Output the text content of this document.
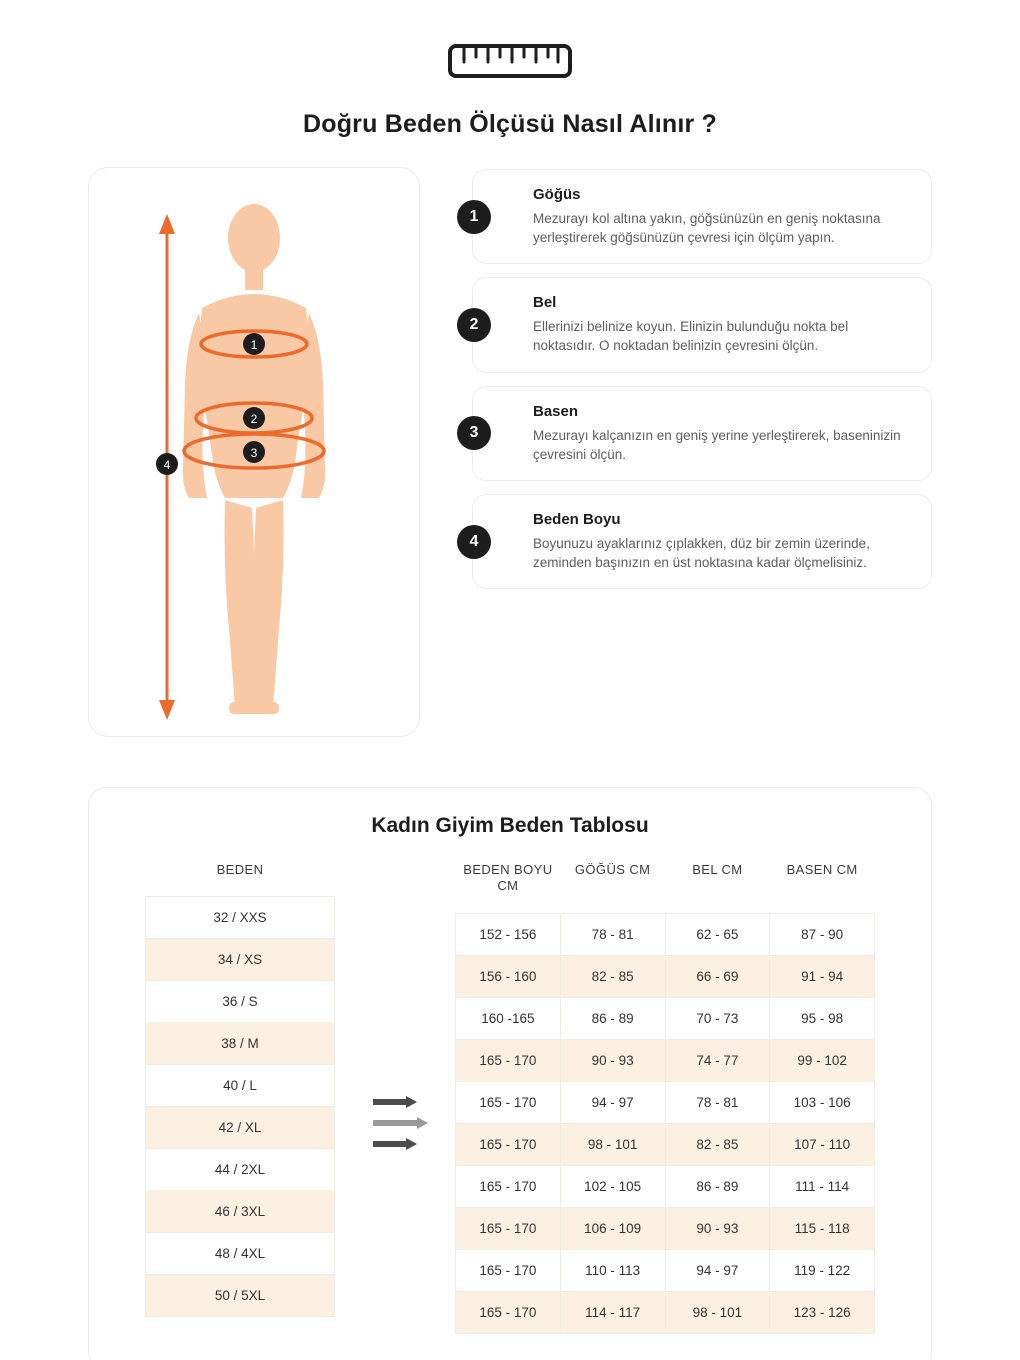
Doğru Beden Ölçüsü Nasıl Alınır ?
1
2
3
4
1
Göğüs
Mezurayı kol altına yakın, göğsünüzün en geniş noktasına yerleştirerek göğsünüzün çevresi için ölçüm yapın.
2
Bel
Ellerinizi belinize koyun. Elinizin bulunduğu nokta bel noktasıdır. O noktadan belinizin çevresini ölçün.
3
Basen
Mezurayı kalçanızın en geniş yerine yerleştirerek, baseninizin çevresini ölçün.
4
Beden Boyu
Boyunuzu ayaklarınız çıplakken, düz bir zemin üzerinde, zeminden başınızın en üst noktasına kadar ölçmelisiniz.
Kadın Giyim Beden Tablosu
BEDEN
32 / XXS
34 / XS
36 / S
38 / M
40 / L
42 / XL
44 / 2XL
46 / 3XL
48 / 4XL
50 / 5XL
BEDEN BOYU CM	GÖĞÜS CM	BEL CM	BASEN CM
152 - 156	78 - 81	62 - 65	87 - 90
156 - 160	82 - 85	66 - 69	91 - 94
160 -165	86 - 89	70 - 73	95 - 98
165 - 170	90 - 93	74 - 77	99 - 102
165 - 170	94 - 97	78 - 81	103 - 106
165 - 170	98 - 101	82 - 85	107 - 110
165 - 170	102 - 105	86 - 89	111 - 114
165 - 170	106 - 109	90 - 93	115 - 118
165 - 170	110 - 113	94 - 97	119 - 122
165 - 170	114 - 117	98 - 101	123 - 126
